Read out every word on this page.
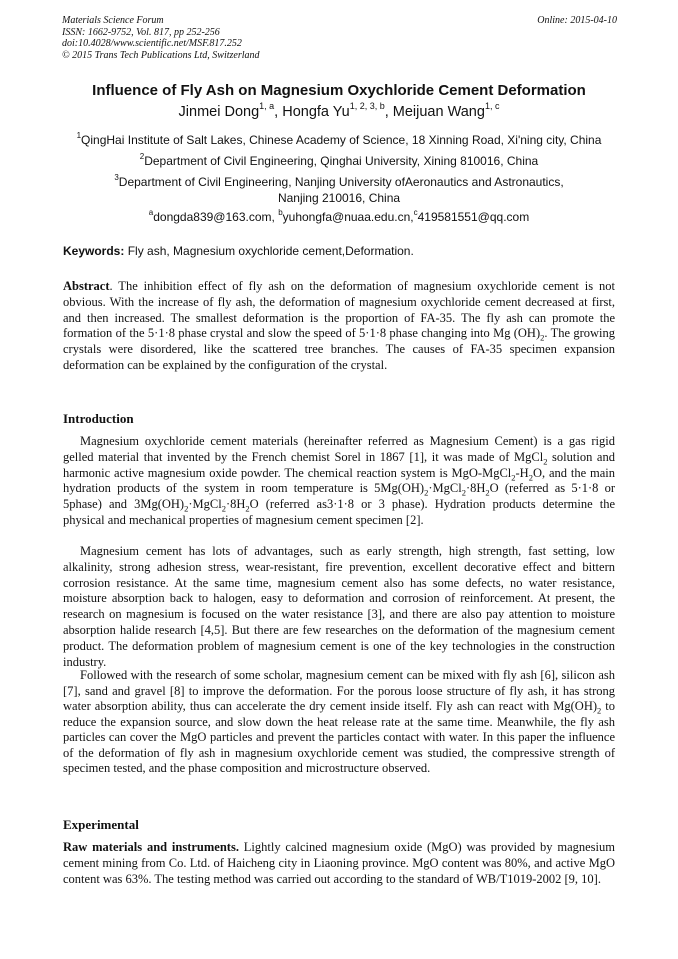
Materials Science Forum
ISSN: 1662-9752, Vol. 817, pp 252-256
doi:10.4028/www.scientific.net/MSF.817.252
© 2015 Trans Tech Publications Ltd, Switzerland
Online: 2015-04-10
Influence of Fly Ash on Magnesium Oxychloride Cement Deformation
Jinmei Dong$^{1, a}$, Hongfa Yu$^{1, 2, 3, b}$, Meijuan Wang$^{1, c}$
$^1$QingHai Institute of Salt Lakes, Chinese Academy of Science, 18 Xinning Road, Xi'ning city, China
$^2$Department of Civil Engineering, Qinghai University, Xining 810016, China
$^3$Department of Civil Engineering, Nanjing University ofAeronautics and Astronautics, Nanjing 210016, China
$^a$dongda839@163.com, $^b$yuhongfa@nuaa.edu.cn,$^c$419581551@qq.com
Keywords: Fly ash, Magnesium oxychloride cement,Deformation.
Abstract. The inhibition effect of fly ash on the deformation of magnesium oxychloride cement is not obvious. With the increase of fly ash, the deformation of magnesium oxychloride cement decreased at first, and then increased. The smallest deformation is the proportion of FA-35. The fly ash can promote the formation of the 5·1·8 phase crystal and slow the speed of 5·1·8 phase changing into Mg $(OH)_2$. The growing crystals were disordered, like the scattered tree branches. The causes of FA-35 specimen expansion deformation can be explained by the configuration of the crystal.
Introduction
Magnesium oxychloride cement materials (hereinafter referred as Magnesium Cement) is a gas rigid gelled material that invented by the French chemist Sorel in 1867 [1], it was made of MgCl$_2$ solution and harmonic active magnesium oxide powder. The chemical reaction system is MgO-$MgCl_2-H_2O$, and the main hydration products of the system in room temperature is $5Mg(OH)_2\cdot MgCl_2\cdot 8H_2O$ (referred as 5·1·8 or 5phase) and $3Mg(OH)_2\cdot MgCl_2\cdot 8H_2O$ (referred as3·1·8 or 3 phase). Hydration products determine the physical and mechanical properties of magnesium cement specimen [2].
Magnesium cement has lots of advantages, such as early strength, high strength, fast setting, low alkalinity, strong adhesion stress, wear-resistant, fire prevention, excellent decorative effect and bittern corrosion resistance. At the same time, magnesium cement also has some defects, no water resistance, moisture absorption back to halogen, easy to deformation and corrosion of reinforcement. At present, the research on magnesium is focused on the water resistance [3], and there are also pay attention to moisture absorption halide research [4,5]. But there are few researches on the deformation of the magnesium cement product. The deformation problem of magnesium cement is one of the key technologies in the construction industry.
Followed with the research of some scholar, magnesium cement can be mixed with fly ash [6], silicon ash [7], sand and gravel [8] to improve the deformation. For the porous loose structure of fly ash, it has strong water absorption ability, thus can accelerate the dry cement inside itself. Fly ash can react with $Mg(OH)_2$ to reduce the expansion source, and slow down the heat release rate at the same time. Meanwhile, the fly ash particles can cover the MgO particles and prevent the particles contact with water. In this paper the influence of the deformation of fly ash in magnesium oxychloride cement was studied, the compressive strength of specimen tested, and the phase composition and microstructure observed.
Experimental
Raw materials and instruments. Lightly calcined magnesium oxide (MgO) was provided by magnesium cement mining from Co. Ltd. of Haicheng city in Liaoning province. MgO content was 80%, and active MgO content was 63%. The testing method was carried out according to the standard of WB/T1019-2002 [9, 10].
